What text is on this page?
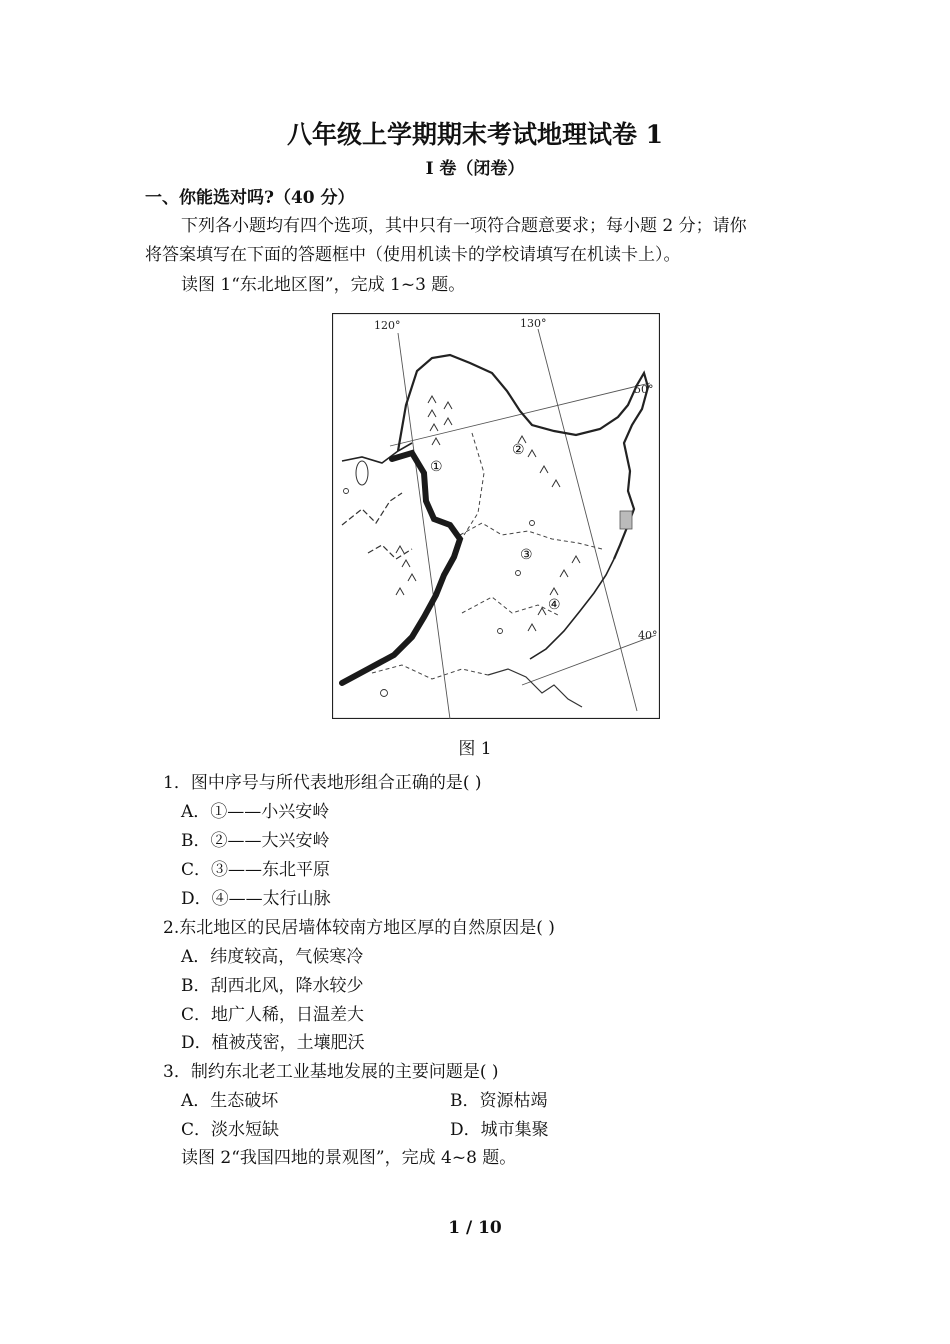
八年级上学期期末考试地理试卷 1
I 卷（闭卷）
一、你能选对吗?（40 分）
下列各小题均有四个选项，其中只有一项符合题意要求；每小题 2 分；请你
将答案填写在下面的答题框中（使用机读卡的学校请填写在机读卡上）。
读图 1“东北地区图”，完成 1~3 题。
120°	130°
50°
40°
①
②
③
④
图 1
1．图中序号与所代表地形组合正确的是( )
A．①——小兴安岭
B．②——大兴安岭
C．③——东北平原
D．④——太行山脉
2.东北地区的民居墙体较南方地区厚的自然原因是( )
A．纬度较高，气候寒冷
B．刮西北风，降水较少
C．地广人稀，日温差大
D．植被茂密，土壤肥沃
3．制约东北老工业基地发展的主要问题是( )
A．生态破坏	B．资源枯竭
C．淡水短缺	D．城市集聚
读图 2“我国四地的景观图”，完成 4~8 题。
1 / 10
